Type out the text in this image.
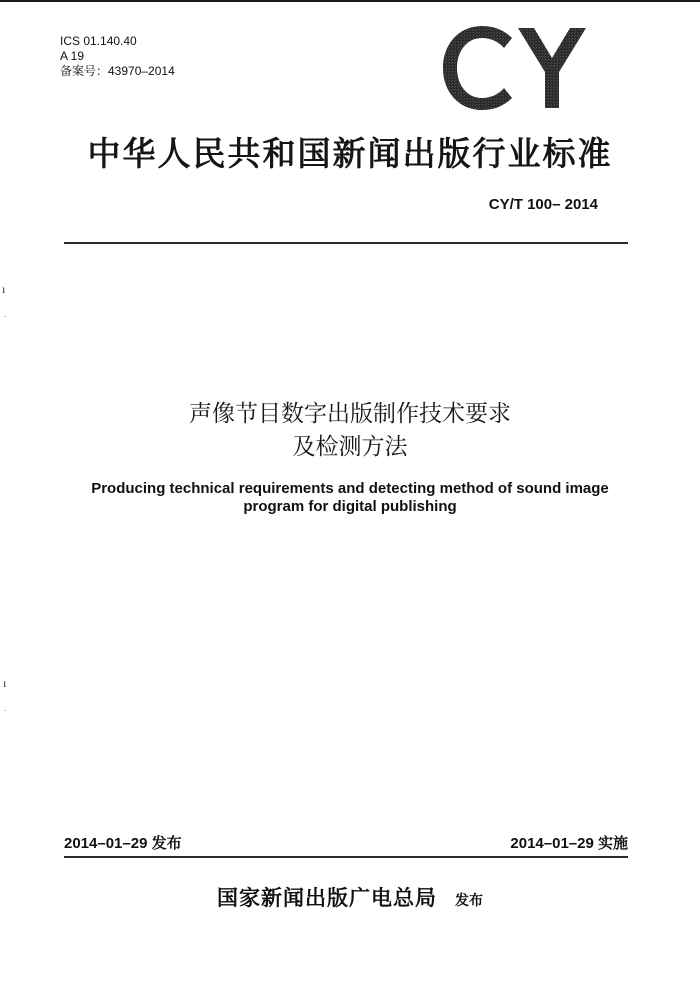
ICS 01.140.40
A 19
备案号：43970–2014
中华人民共和国新闻出版行业标准
CY/T 100– 2014
ı
∙
ı
∙
声像节目数字出版制作技术要求
及检测方法
Producing technical requirements and detecting method of sound image
program for digital publishing
2014–01–29 发布	2014–01–29 实施
国家新闻出版广电总局 发布
